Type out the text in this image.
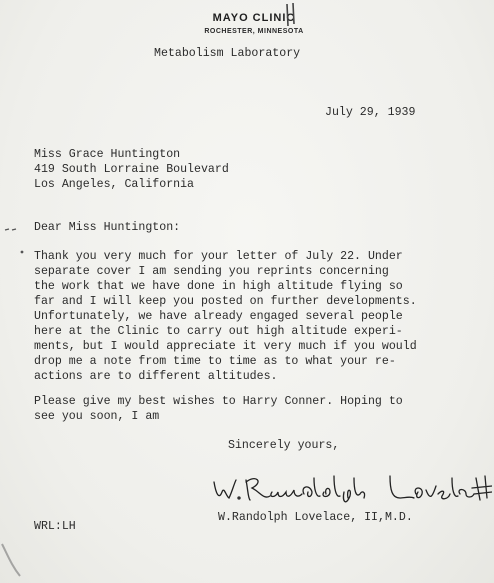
MAYO CLINIC
ROCHESTER, MINNESOTA
Metabolism Laboratory
July 29, 1939
Miss Grace Huntington
419 South Lorraine Boulevard
Los Angeles, California
Dear Miss Huntington:
Thank you very much for your letter of July 22. Under
separate cover I am sending you reprints concerning
the work that we have done in high altitude flying so
far and I will keep you posted on further developments.
Unfortunately, we have already engaged several people
here at the Clinic to carry out high altitude experi-
ments, but I would appreciate it very much if you would
drop me a note from time to time as to what your re-
actions are to different altitudes.
Please give my best wishes to Harry Conner. Hoping to
see you soon, I am
Sincerely yours,
W.Randolph Lovelace, II,M.D.
WRL:LH
